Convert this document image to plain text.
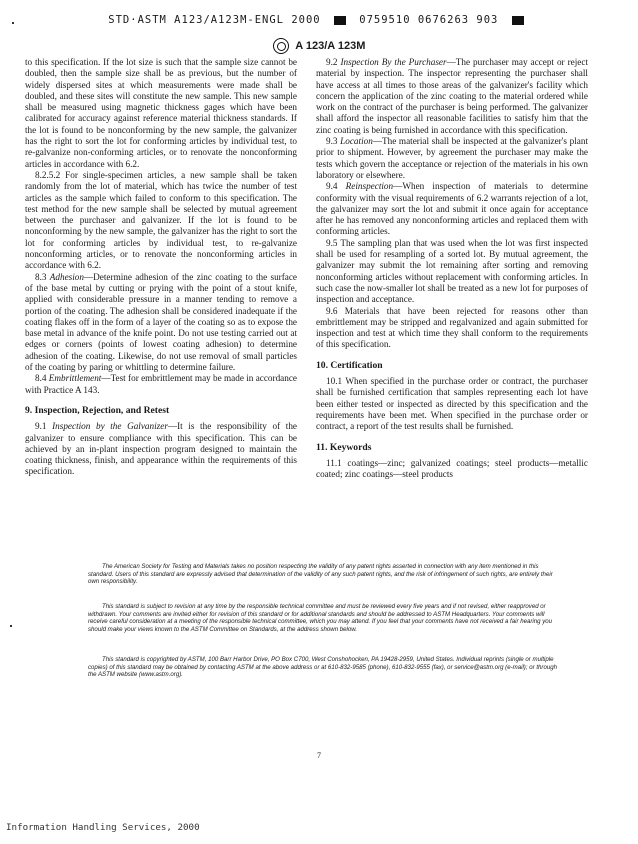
STD·ASTM A123/A123M-ENGL 2000	0759510 0676263 903
A 123/A 123M

to this specification. If the lot size is such that the sample size cannot be doubled, then the sample size shall be as previous, but the number of widely dispersed sites at which measurements were made shall be doubled, and these sites will constitute the new sample. This new sample shall be measured using magnetic thickness gages which have been calibrated for accuracy against reference material thickness standards. If the lot is found to be nonconforming by the new sample, the galvanizer has the right to sort the lot for conforming articles by individual test, to re-galvanize non-conforming articles, or to renovate the nonconforming articles in accordance with 6.2.

8.2.5.2 For single-specimen articles, a new sample shall be taken randomly from the lot of material, which has twice the number of test articles as the sample which failed to conform to this specification. The test method for the new sample shall be selected by mutual agreement between the purchaser and galvanizer. If the lot is found to be nonconforming by the new sample, the galvanizer has the right to sort the lot for conforming articles by individual test, to re-galvanize nonconforming articles, or to renovate the nonconforming articles in accordance with 6.2.

8.3 Adhesion—Determine adhesion of the zinc coating to the surface of the base metal by cutting or prying with the point of a stout knife, applied with considerable pressure in a manner tending to remove a portion of the coating. The adhesion shall be considered inadequate if the coating flakes off in the form of a layer of the coating so as to expose the base metal in advance of the knife point. Do not use testing carried out at edges or corners (points of lowest coating adhesion) to determine adhesion of the coating. Likewise, do not use removal of small particles of the coating by paring or whittling to determine failure.

8.4 Embrittlement—Test for embrittlement may be made in accordance with Practice A 143.

9. Inspection, Rejection, and Retest

9.1 Inspection by the Galvanizer—It is the responsibility of the galvanizer to ensure compliance with this specification. This can be achieved by an in-plant inspection program designed to maintain the coating thickness, finish, and appearance within the requirements of this specification.

9.2 Inspection By the Purchaser—The purchaser may accept or reject material by inspection. The inspector representing the purchaser shall have access at all times to those areas of the galvanizer's facility which concern the application of the zinc coating to the material ordered while work on the contract of the purchaser is being performed. The galvanizer shall afford the inspector all reasonable facilities to satisfy him that the zinc coating is being furnished in accordance with this specification.

9.3 Location—The material shall be inspected at the galvanizer's plant prior to shipment. However, by agreement the purchaser may make the tests which govern the acceptance or rejection of the materials in his own laboratory or elsewhere.

9.4 Reinspection—When inspection of materials to determine conformity with the visual requirements of 6.2 warrants rejection of a lot, the galvanizer may sort the lot and submit it once again for acceptance after he has removed any nonconforming articles and replaced them with conforming articles.

9.5 The sampling plan that was used when the lot was first inspected shall be used for resampling of a sorted lot. By mutual agreement, the galvanizer may submit the lot remaining after sorting and removing nonconforming articles without replacement with conforming articles. In such case the now-smaller lot shall be treated as a new lot for purposes of inspection and acceptance.

9.6 Materials that have been rejected for reasons other than embrittlement may be stripped and regalvanized and again submitted for inspection and test at which time they shall conform to the requirements of this specification.

10. Certification

10.1 When specified in the purchase order or contract, the purchaser shall be furnished certification that samples representing each lot have been either tested or inspected as directed by this specification and the requirements have been met. When specified in the purchase order or contract, a report of the test results shall be furnished.

11. Keywords

11.1 coatings—zinc; galvanized coatings; steel products—metallic coated; zinc coatings—steel products

The American Society for Testing and Materials takes no position respecting the validity of any patent rights asserted in connection with any item mentioned in this standard. Users of this standard are expressly advised that determination of the validity of any such patent rights, and the risk of infringement of such rights, are entirely their own responsibility.

This standard is subject to revision at any time by the responsible technical committee and must be reviewed every five years and if not revised, either reapproved or withdrawn. Your comments are invited either for revision of this standard or for additional standards and should be addressed to ASTM Headquarters. Your comments will receive careful consideration at a meeting of the responsible technical committee, which you may attend. If you feel that your comments have not received a fair hearing you should make your views known to the ASTM Committee on Standards, at the address shown below.

This standard is copyrighted by ASTM, 100 Barr Harbor Drive, PO Box C700, West Conshohocken, PA 19428-2959, United States. Individual reprints (single or multiple copies) of this standard may be obtained by contacting ASTM at the above address or at 610-832-9585 (phone), 610-832-9555 (fax), or service@astm.org (e-mail); or through the ASTM website (www.astm.org).

7
Information Handling Services, 2000
